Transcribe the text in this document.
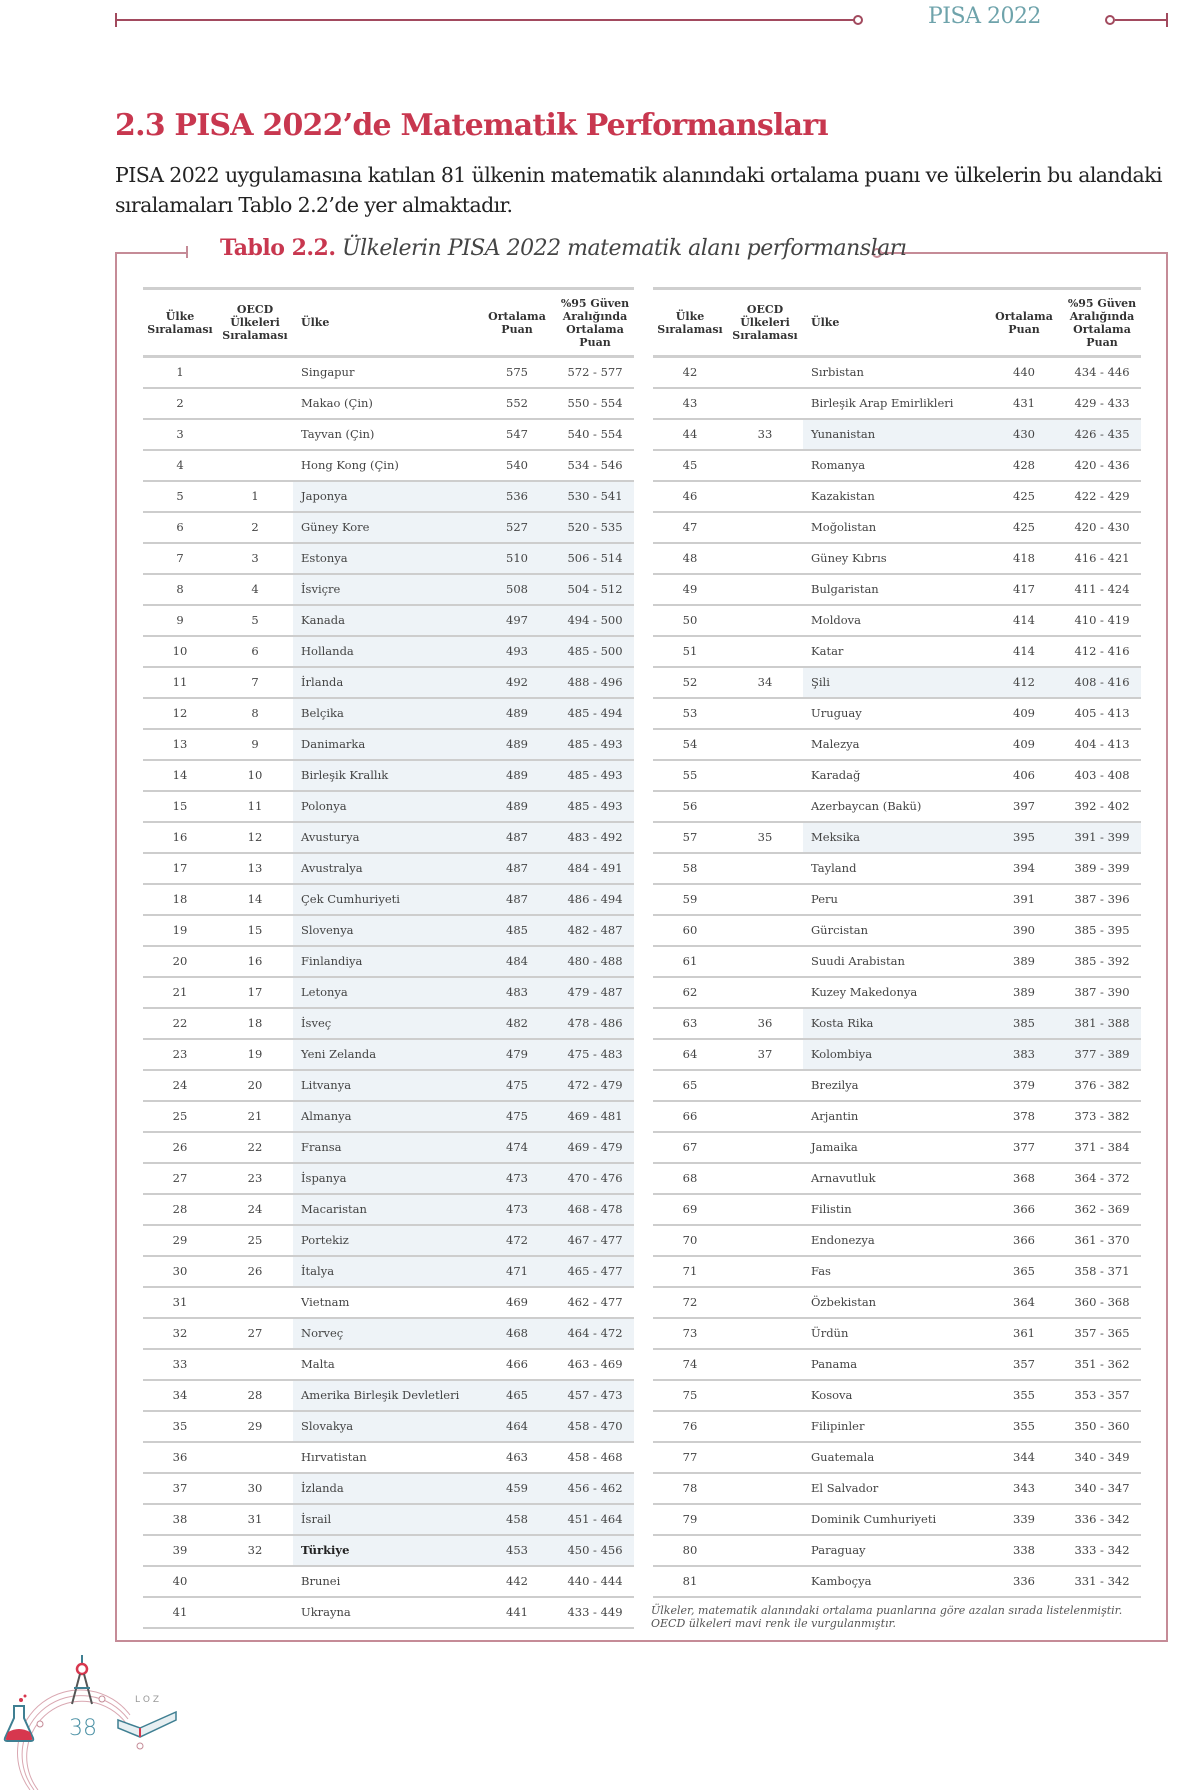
PISA 2022
2.3 PISA 2022’de Matematik Performansları

PISA 2022 uygulamasına katılan 81 ülkenin matematik alanındaki ortalama puanı ve ülkelerin bu alandaki sıralamaları Tablo 2.2’de yer almaktadır.

Tablo 2.2. Ülkelerin PISA 2022 matematik alanı performansları
Ülke Sıralaması	OECD Ülkeleri Sıralaması	Ülke	Ortalama Puan	%95 Güven Aralığında Ortalama Puan
1		Singapur	575	572 - 577
2		Makao (Çin)	552	550 - 554
3		Tayvan (Çin)	547	540 - 554
4		Hong Kong (Çin)	540	534 - 546
5	1	Japonya	536	530 - 541
6	2	Güney Kore	527	520 - 535
7	3	Estonya	510	506 - 514
8	4	İsviçre	508	504 - 512
9	5	Kanada	497	494 - 500
10	6	Hollanda	493	485 - 500
11	7	İrlanda	492	488 - 496
12	8	Belçika	489	485 - 494
13	9	Danimarka	489	485 - 493
14	10	Birleşik Krallık	489	485 - 493
15	11	Polonya	489	485 - 493
16	12	Avusturya	487	483 - 492
17	13	Avustralya	487	484 - 491
18	14	Çek Cumhuriyeti	487	486 - 494
19	15	Slovenya	485	482 - 487
20	16	Finlandiya	484	480 - 488
21	17	Letonya	483	479 - 487
22	18	İsveç	482	478 - 486
23	19	Yeni Zelanda	479	475 - 483
24	20	Litvanya	475	472 - 479
25	21	Almanya	475	469 - 481
26	22	Fransa	474	469 - 479
27	23	İspanya	473	470 - 476
28	24	Macaristan	473	468 - 478
29	25	Portekiz	472	467 - 477
30	26	İtalya	471	465 - 477
31		Vietnam	469	462 - 477
32	27	Norveç	468	464 - 472
33		Malta	466	463 - 469
34	28	Amerika Birleşik Devletleri	465	457 - 473
35	29	Slovakya	464	458 - 470
36		Hırvatistan	463	458 - 468
37	30	İzlanda	459	456 - 462
38	31	İsrail	458	451 - 464
39	32	Türkiye	453	450 - 456
40		Brunei	442	440 - 444
41		Ukrayna	441	433 - 449
Ülke Sıralaması	OECD Ülkeleri Sıralaması	Ülke	Ortalama Puan	%95 Güven Aralığında Ortalama Puan
42		Sırbistan	440	434 - 446
43		Birleşik Arap Emirlikleri	431	429 - 433
44	33	Yunanistan	430	426 - 435
45		Romanya	428	420 - 436
46		Kazakistan	425	422 - 429
47		Moğolistan	425	420 - 430
48		Güney Kıbrıs	418	416 - 421
49		Bulgaristan	417	411 - 424
50		Moldova	414	410 - 419
51		Katar	414	412 - 416
52	34	Şili	412	408 - 416
53		Uruguay	409	405 - 413
54		Malezya	409	404 - 413
55		Karadağ	406	403 - 408
56		Azerbaycan (Bakü)	397	392 - 402
57	35	Meksika	395	391 - 399
58		Tayland	394	389 - 399
59		Peru	391	387 - 396
60		Gürcistan	390	385 - 395
61		Suudi Arabistan	389	385 - 392
62		Kuzey Makedonya	389	387 - 390
63	36	Kosta Rika	385	381 - 388
64	37	Kolombiya	383	377 - 389
65		Brezilya	379	376 - 382
66		Arjantin	378	373 - 382
67		Jamaika	377	371 - 384
68		Arnavutluk	368	364 - 372
69		Filistin	366	362 - 369
70		Endonezya	366	361 - 370
71		Fas	365	358 - 371
72		Özbekistan	364	360 - 368
73		Ürdün	361	357 - 365
74		Panama	357	351 - 362
75		Kosova	355	353 - 357
76		Filipinler	355	350 - 360
77		Guatemala	344	340 - 349
78		El Salvador	343	340 - 347
79		Dominik Cumhuriyeti	339	336 - 342
80		Paraguay	338	333 - 342
81		Kamboçya	336	331 - 342
Ülkeler, matematik alanındaki ortalama puanlarına göre azalan sırada listelenmiştir.
OECD ülkeleri mavi renk ile vurgulanmıştır.
L O Z
38
